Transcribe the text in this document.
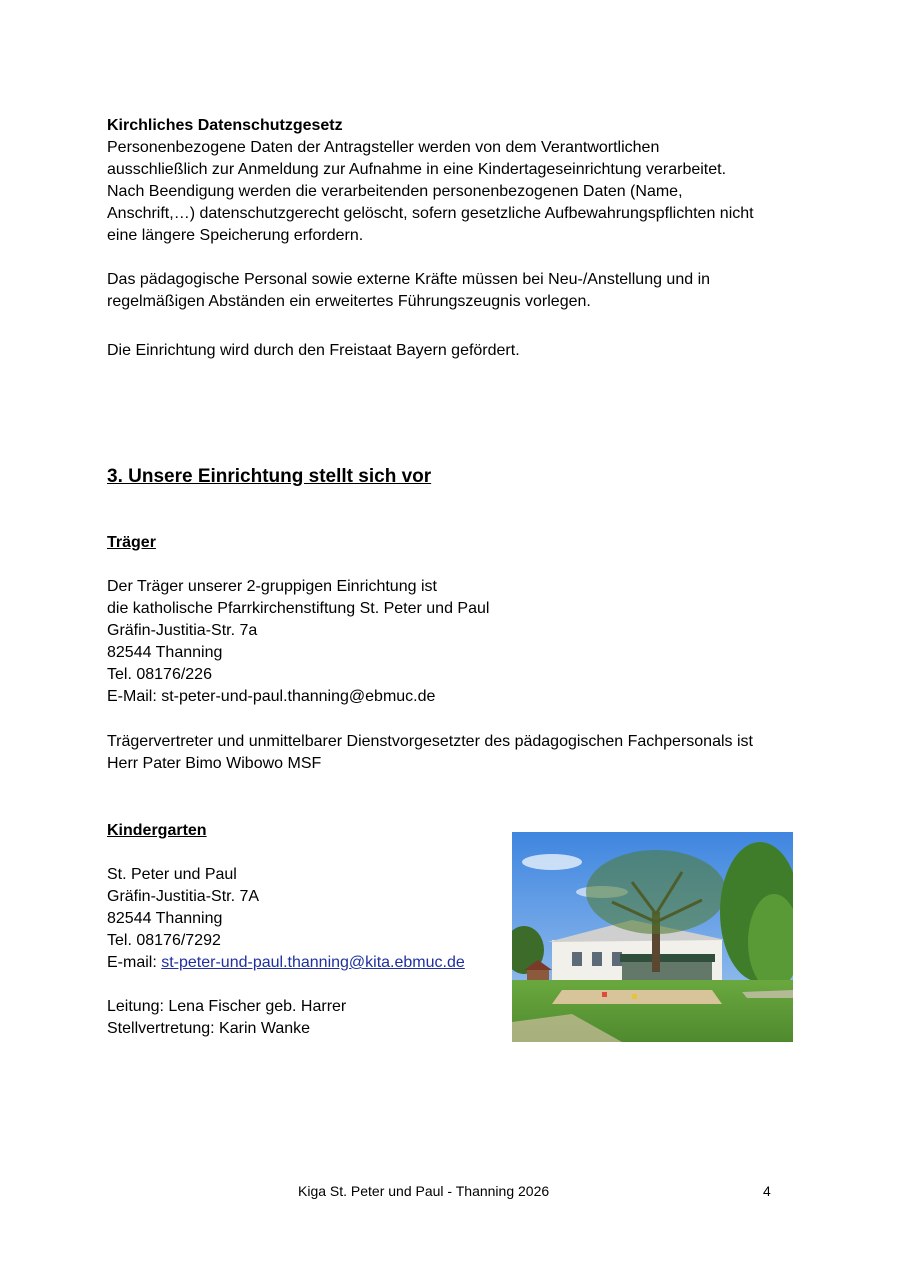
Kirchliches Datenschutzgesetz

Personenbezogene Daten der Antragsteller werden von dem Verantwortlichen

ausschließlich zur Anmeldung zur Aufnahme in eine Kindertageseinrichtung verarbeitet.

Nach Beendigung werden die verarbeitenden personenbezogenen Daten (Name,

Anschrift,…) datenschutzgerecht gelöscht, sofern gesetzliche Aufbewahrungspflichten nicht

eine längere Speicherung erfordern.

Das pädagogische Personal sowie externe Kräfte müssen bei Neu-/Anstellung und in

regelmäßigen Abständen ein erweitertes Führungszeugnis vorlegen.

Die Einrichtung wird durch den Freistaat Bayern gefördert.

3. Unsere Einrichtung stellt sich vor
Träger

Der Träger unserer 2-gruppigen Einrichtung ist

die katholische Pfarrkirchenstiftung St. Peter und Paul

Gräfin-Justitia-Str. 7a

82544 Thanning

Tel. 08176/226

E-Mail: st-peter-und-paul.thanning@ebmuc.de

Trägervertreter und unmittelbarer Dienstvorgesetzter des pädagogischen Fachpersonals ist

Herr Pater Bimo Wibowo MSF

Kindergarten

St. Peter und Paul

Gräfin-Justitia-Str. 7A

82544 Thanning

Tel. 08176/7292

E-mail: st-peter-und-paul.thanning@kita.ebmuc.de

Leitung: Lena Fischer geb. Harrer

Stellvertretung: Karin Wanke

Kiga St. Peter und Paul - Thanning 2026	4
